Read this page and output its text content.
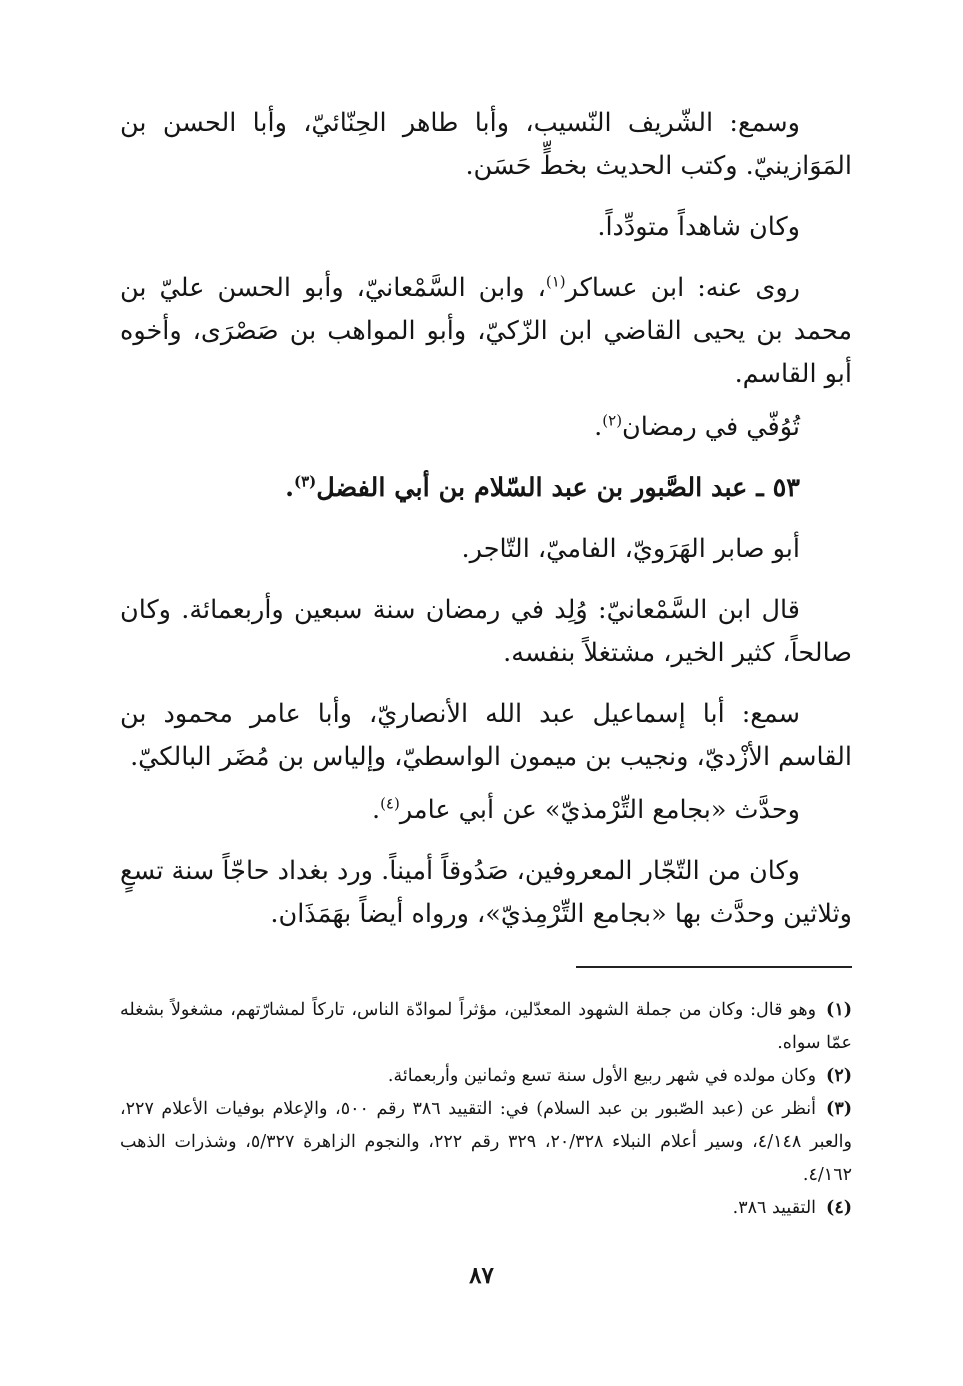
وسمع: الشّريف النّسيب، وأبا طاهر الحِنّائيّ، وأبا الحسن بن المَوَازينيّ. وكتب الحديث بخطٍّ حَسَن.

وكان شاهداً متودِّداً.

روى عنه: ابن عساكر$^{(١)}$، وابن السَّمْعانيّ، وأبو الحسن عليّ بن محمد بن يحيى القاضي ابن الزّكيّ، وأبو المواهب بن صَصْرَى، وأخوه أبو القاسم.

تُوُفّي في رمضان$^{(٢)}$.

٥٣ ـ عبد الصَّبور بن عبد السّلام بن أبي الفضل$^{(٣)}$.

أبو صابر الهَرَويّ، الفاميّ، التّاجر.

قال ابن السَّمْعانيّ: وُلِد في رمضان سنة سبعين وأربعمائة. وكان صالحاً، كثير الخير، مشتغلاً بنفسه.

سمع: أبا إسماعيل عبد الله الأنصاريّ، وأبا عامر محمود بن القاسم الأزْديّ، ونجيب بن ميمون الواسطيّ، وإلياس بن مُضَر البالكيّ.

وحدَّث «بجامع التِّرْمذيّ» عن أبي عامر$^{(٤)}$.

وكان من التّجّار المعروفين، صَدُوقاً أميناً. ورد بغداد حاجّاً سنة تسعٍ وثلاثين وحدَّث بها «بجامع التِّرْمِذيّ»، ورواه أيضاً بهَمَذَان.

(١)وهو قال: وكان من جملة الشهود المعدّلين، مؤثراً لموادّة الناس، تاركاً لمشارّتهم، مشغولاً بشغله عمّا سواه.

(٢)وكان مولده في شهر ربيع الأول سنة تسع وثمانين وأربعمائة.

(٣)أنظر عن (عبد الصّبور بن عبد السلام) في: التقييد ٣٨٦ رقم ٥٠٠، والإعلام بوفيات الأعلام ٢٢٧، والعبر ٤/١٤٨، وسير أعلام النبلاء ٢٠/٣٢٨، ٣٢٩ رقم ٢٢٢، والنجوم الزاهرة ٥/٣٢٧، وشذرات الذهب ٤/١٦٢.

(٤)التقييد ٣٨٦.

٨٧
